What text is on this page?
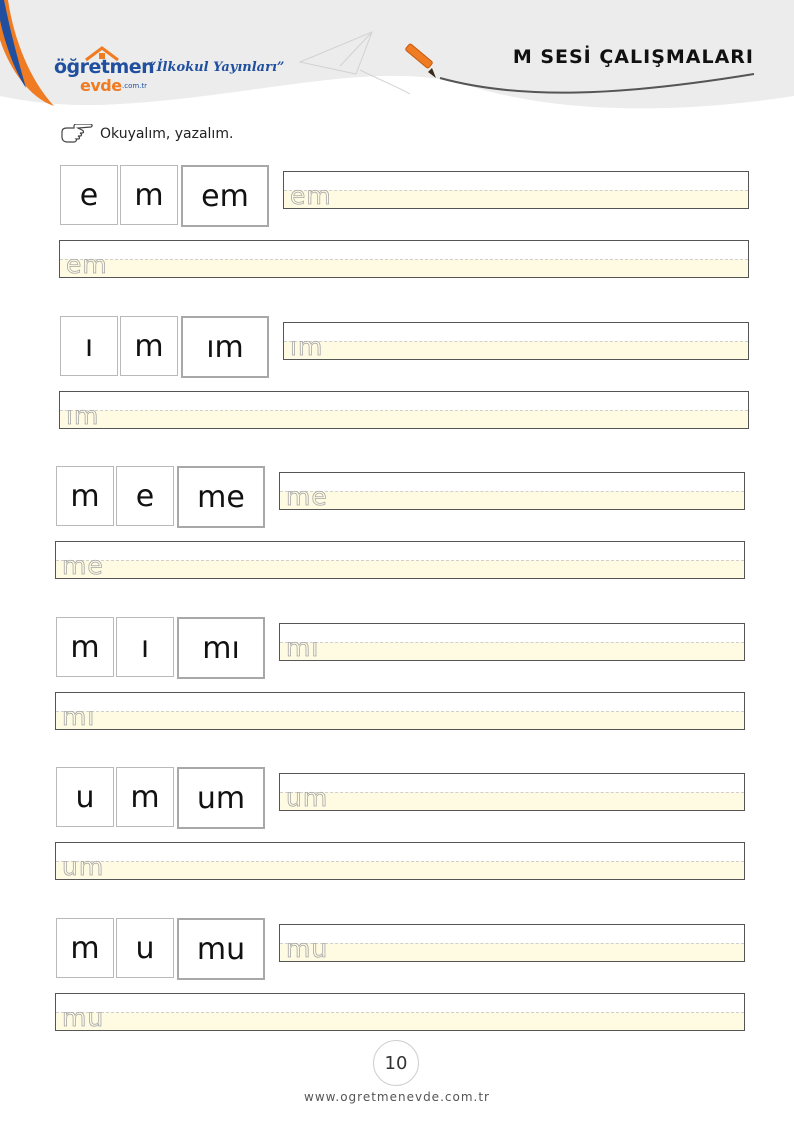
öğretmen
evde .com.tr
“İlkokul Yayınları”	M SESİ ÇALIŞMALARI
Okuyalım, yazalım.
e	m	em	em
em
ı	m	ım	ım
ım
m	e	me	me
me
m	ı	mı	mı
mı
u	m	um	um
um
m	u	mu	mu
mu
10
www.ogretmenevde.com.tr
